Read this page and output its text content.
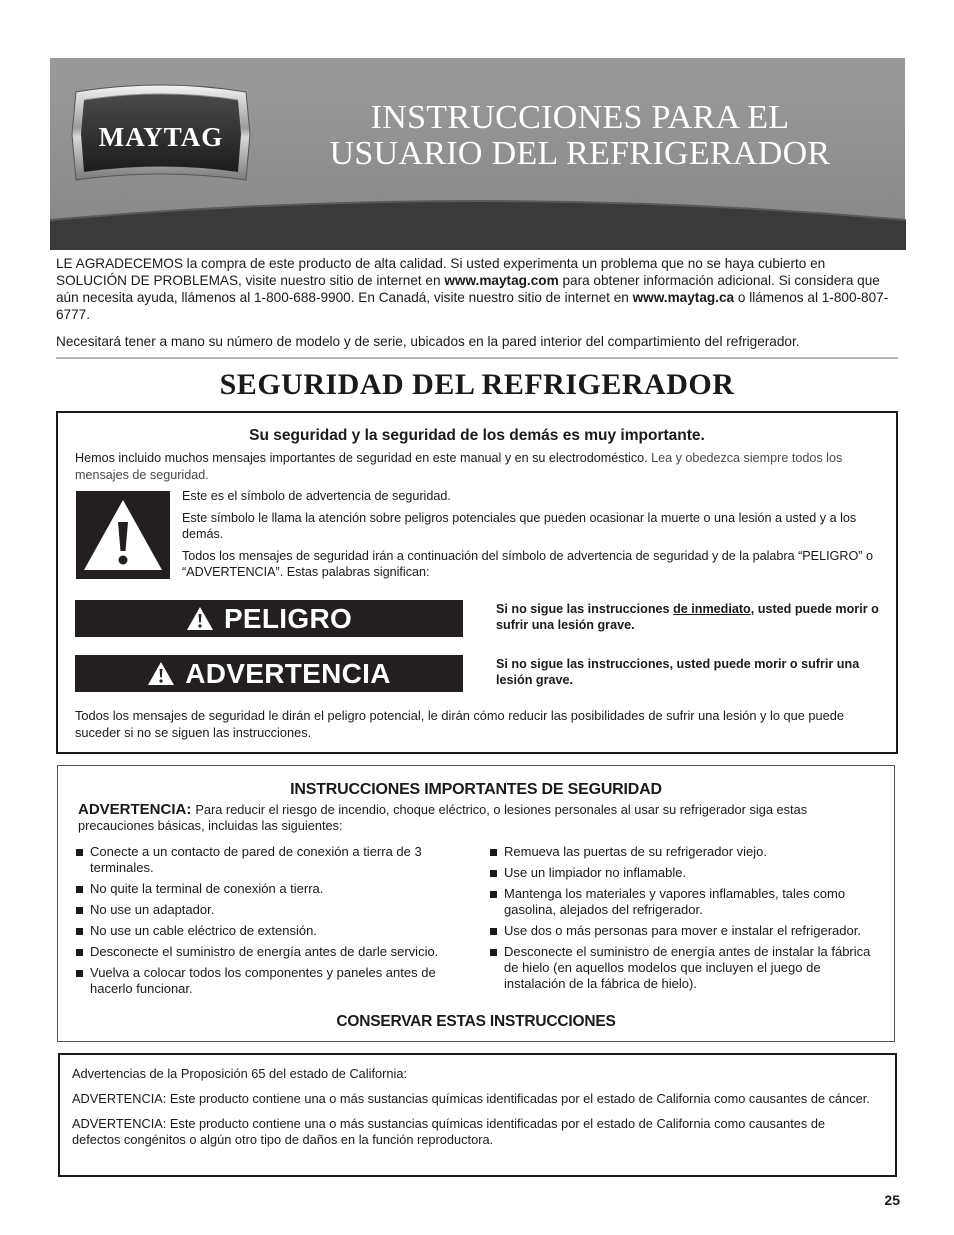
MAYTAG
INSTRUCCIONES PARA EL
USUARIO DEL REFRIGERADOR

LE AGRADECEMOS la compra de este producto de alta calidad. Si usted experimenta un problema que no se haya cubierto en SOLUCIÓN DE PROBLEMAS, visite nuestro sitio de internet en www.maytag.com para obtener información adicional. Si considera que aún necesita ayuda, llámenos al 1-800-688-9900. En Canadá, visite nuestro sitio de internet en www.maytag.ca o llámenos al 1-800-807-6777.

Necesitará tener a mano su número de modelo y de serie, ubicados en la pared interior del compartimiento del refrigerador.

SEGURIDAD DEL REFRIGERADOR
Su seguridad y la seguridad de los demás es muy importante.
Hemos incluido muchos mensajes importantes de seguridad en este manual y en su electrodoméstico. Lea y obedezca siempre todos los mensajes de seguridad.

Este es el símbolo de advertencia de seguridad.

Este símbolo le llama la atención sobre peligros potenciales que pueden ocasionar la muerte o una lesión a usted y a los demás.

Todos los mensajes de seguridad irán a continuación del símbolo de advertencia de seguridad y de la palabra “PELIGRO” o “ADVERTENCIA”. Estas palabras significan:

PELIGRO	Si no sigue las instrucciones de inmediato, usted puede morir o sufrir una lesión grave.
ADVERTENCIA	Si no sigue las instrucciones, usted puede morir o sufrir una lesión grave.
Todos los mensajes de seguridad le dirán el peligro potencial, le dirán cómo reducir las posibilidades de sufrir una lesión y lo que puede suceder si no se siguen las instrucciones.
INSTRUCCIONES IMPORTANTES DE SEGURIDAD
ADVERTENCIA: Para reducir el riesgo de incendio, choque eléctrico, o lesiones personales al usar su refrigerador siga estas precauciones básicas, incluidas las siguientes:
Conecte a un contacto de pared de conexión a tierra de 3 terminales.
No quite la terminal de conexión a tierra.
No use un adaptador.
No use un cable eléctrico de extensión.
Desconecte el suministro de energía antes de darle servicio.
Vuelva a colocar todos los componentes y paneles antes de hacerlo funcionar.
Remueva las puertas de su refrigerador viejo.
Use un limpiador no inflamable.
Mantenga los materiales y vapores inflamables, tales como gasolina, alejados del refrigerador.
Use dos o más personas para mover e instalar el refrigerador.
Desconecte el suministro de energía antes de instalar la fábrica de hielo (en aquellos modelos que incluyen el juego de instalación de la fábrica de hielo).
CONSERVAR ESTAS INSTRUCCIONES

Advertencias de la Proposición 65 del estado de California:

ADVERTENCIA: Este producto contiene una o más sustancias químicas identificadas por el estado de California como causantes de cáncer.

ADVERTENCIA: Este producto contiene una o más sustancias químicas identificadas por el estado de California como causantes de defectos congénitos o algún otro tipo de daños en la función reproductora.

25
